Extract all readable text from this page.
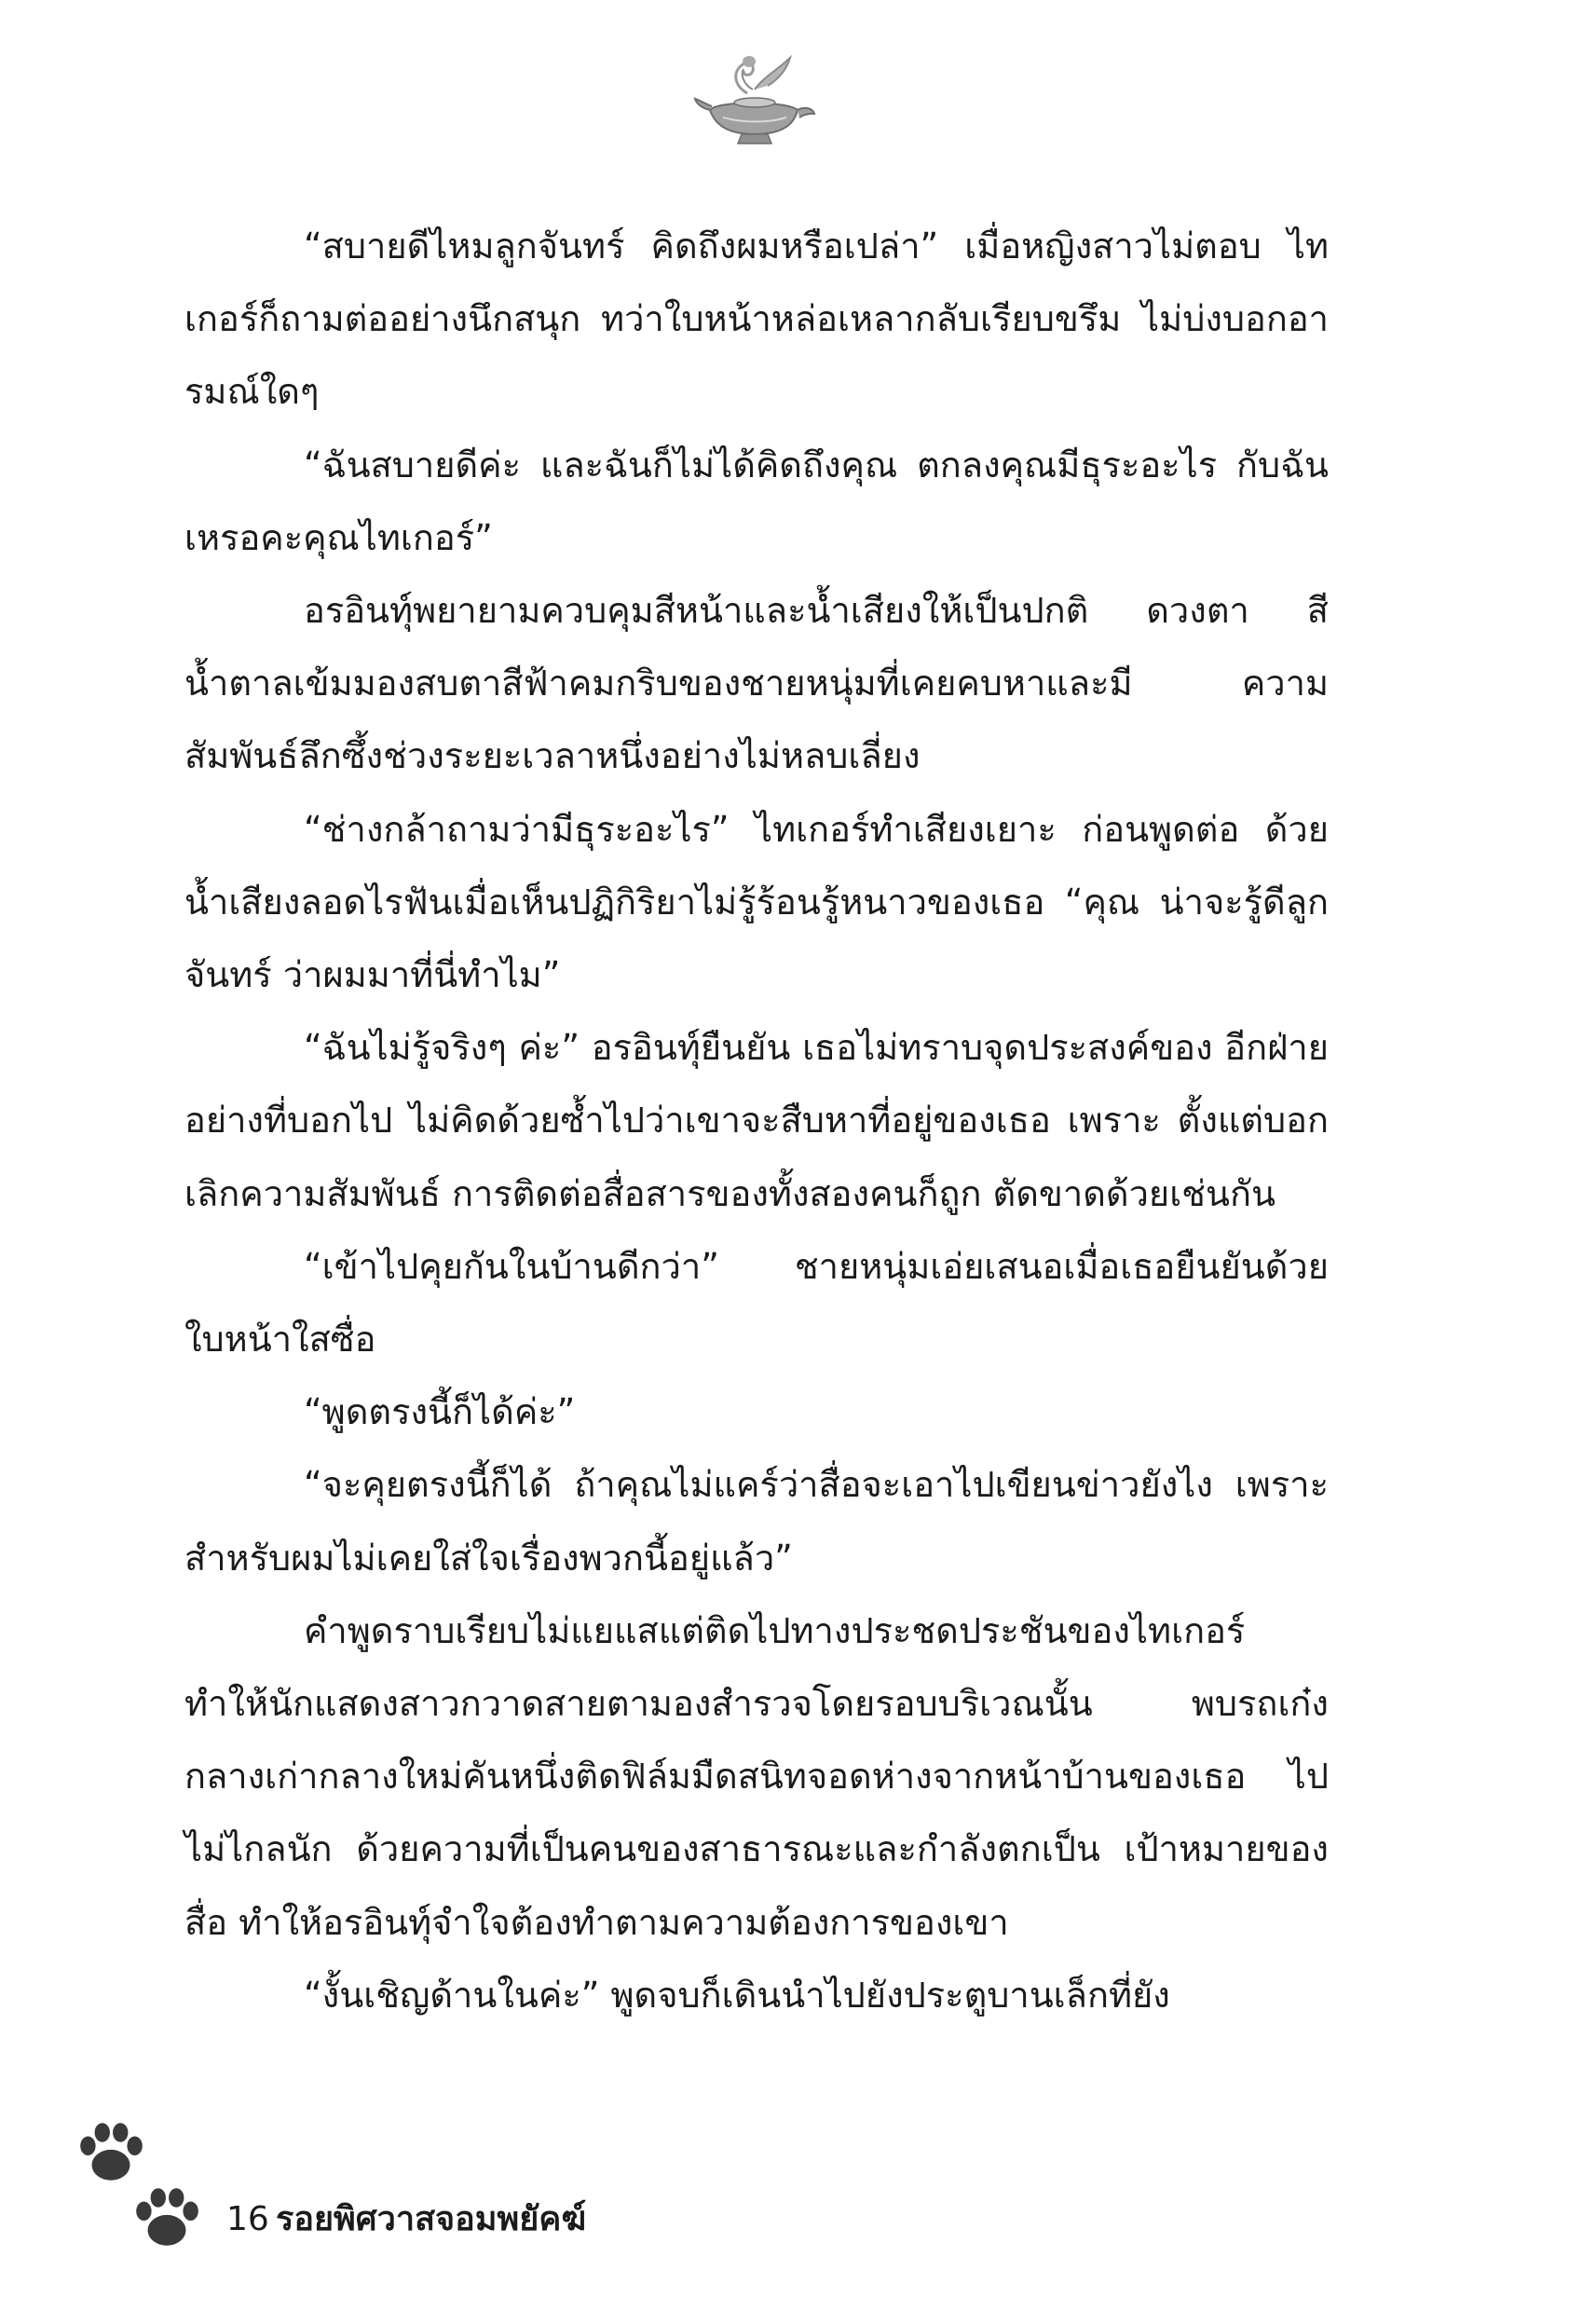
“สบายดีไหมลูกจันทร์ คิดถึงผมหรือเปล่า” เมื่อหญิงสาวไม่ตอบ ไทเกอร์ก็ถามต่ออย่างนึกสนุก ทว่าใบหน้าหล่อเหลากลับเรียบขรึม ไม่บ่งบอกอารมณ์ใดๆ

“ฉันสบายดีค่ะ และฉันก็ไม่ได้คิดถึงคุณ ตกลงคุณมีธุระอะไร กับฉันเหรอคะคุณไทเกอร์”

อรอินทุ์พยายามควบคุมสีหน้าและน้ำเสียงให้เป็นปกติ ดวงตา สีน้ำตาลเข้มมองสบตาสีฟ้าคมกริบของชายหนุ่มที่เคยคบหาและมี ความสัมพันธ์ลึกซึ้งช่วงระยะเวลาหนึ่งอย่างไม่หลบเลี่ยง

“ช่างกล้าถามว่ามีธุระอะไร” ไทเกอร์ทำเสียงเยาะ ก่อนพูดต่อ ด้วยน้ำเสียงลอดไรฟันเมื่อเห็นปฏิกิริยาไม่รู้ร้อนรู้หนาวของเธอ “คุณ น่าจะรู้ดีลูกจันทร์ ว่าผมมาที่นี่ทำไม”

“ฉันไม่รู้จริงๆ ค่ะ” อรอินทุ์ยืนยัน เธอไม่ทราบจุดประสงค์ของ อีกฝ่ายอย่างที่บอกไป ไม่คิดด้วยซ้ำไปว่าเขาจะสืบหาที่อยู่ของเธอ เพราะ ตั้งแต่บอกเลิกความสัมพันธ์ การติดต่อสื่อสารของทั้งสองคนก็ถูก ตัดขาดด้วยเช่นกัน

“เข้าไปคุยกันในบ้านดีกว่า” ชายหนุ่มเอ่ยเสนอเมื่อเธอยืนยันด้วย ใบหน้าใสซื่อ

“พูดตรงนี้ก็ได้ค่ะ”

“จะคุยตรงนี้ก็ได้ ถ้าคุณไม่แคร์ว่าสื่อจะเอาไปเขียนข่าวยังไง เพราะสำหรับผมไม่เคยใส่ใจเรื่องพวกนี้อยู่แล้ว”

คำพูดราบเรียบไม่แยแสแต่ติดไปทางประชดประชันของไทเกอร์ ทำให้นักแสดงสาวกวาดสายตามองสำรวจโดยรอบบริเวณนั้น พบรถเก๋ง กลางเก่ากลางใหม่คันหนึ่งติดฟิล์มมืดสนิทจอดห่างจากหน้าบ้านของเธอ ไปไม่ไกลนัก ด้วยความที่เป็นคนของสาธารณะและกำลังตกเป็น เป้าหมายของสื่อ ทำให้อรอินทุ์จำใจต้องทำตามความต้องการของเขา

“งั้นเชิญด้านในค่ะ” พูดจบก็เดินนำไปยังประตูบานเล็กที่ยัง

16 รอยพิศวาสจอมพยัคฆ์
